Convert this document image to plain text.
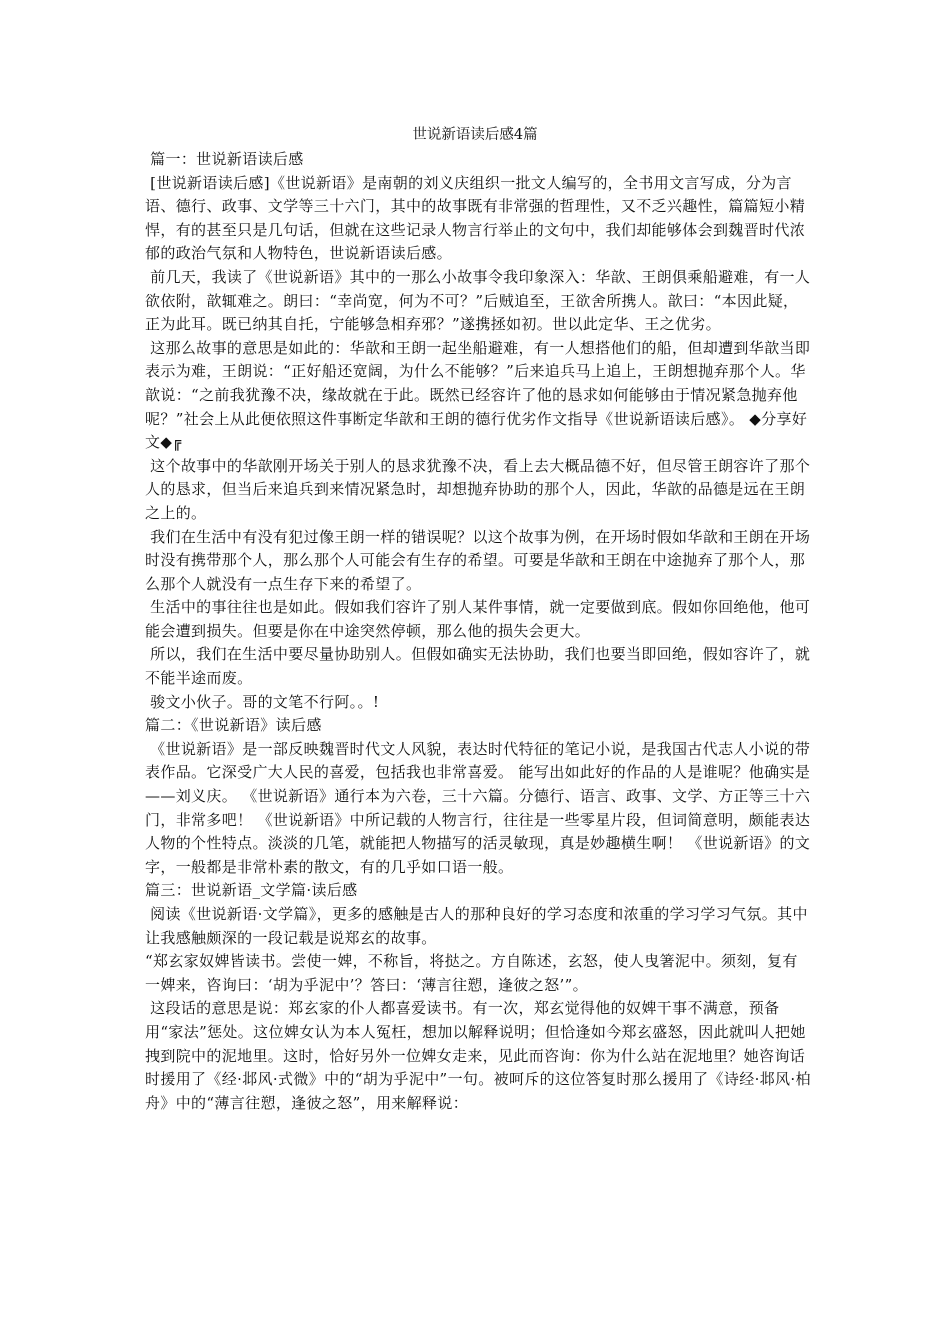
世说新语读后感4篇

篇一：世说新语读后感

[世说新语读后感]《世说新语》是南朝的刘义庆组织一批文人编写的，全书用文言写成，分为言语、德行、政事、文学等三十六门，其中的故事既有非常强的哲理性，又不乏兴趣性，篇篇短小精悍，有的甚至只是几句话，但就在这些记录人物言行举止的文句中，我们却能够体会到魏晋时代浓郁的政治气氛和人物特色，世说新语读后感。

前几天，我读了《世说新语》其中的一那么小故事令我印象深入：华歆、王朗俱乘船避难，有一人欲依附，歆辄难之。朗曰：“幸尚宽，何为不可？”后贼追至，王欲舍所携人。歆曰：“本因此疑，正为此耳。既已纳其自托，宁能够急相弃邪？”遂携拯如初。世以此定华、王之优劣。

这那么故事的意思是如此的：华歆和王朗一起坐船避难，有一人想搭他们的船，但却遭到华歆当即表示为难，王朗说：“正好船还宽阔，为什么不能够？”后来追兵马上追上，王朗想抛弃那个人。华歆说：“之前我犹豫不决，缘故就在于此。既然已经容许了他的恳求如何能够由于情况紧急抛弃他呢？”社会上从此便依照这件事断定华歆和王朗的德行优劣作文指导《世说新语读后感》。 ◆分享好文◆╔

这个故事中的华歆刚开场关于别人的恳求犹豫不决，看上去大概品德不好，但尽管王朗容许了那个人的恳求，但当后来追兵到来情况紧急时，却想抛弃协助的那个人，因此，华歆的品德是远在王朗之上的。

我们在生活中有没有犯过像王朗一样的错误呢？以这个故事为例，在开场时假如华歆和王朗在开场时没有携带那个人，那么那个人可能会有生存的希望。可要是华歆和王朗在中途抛弃了那个人，那么那个人就没有一点生存下来的希望了。

生活中的事往往也是如此。假如我们容许了别人某件事情，就一定要做到底。假如你回绝他，他可能会遭到损失。但要是你在中途突然停顿，那么他的损失会更大。

所以，我们在生活中要尽量协助别人。但假如确实无法协助，我们也要当即回绝，假如容许了，就不能半途而废。

骏文小伙子。哥的文笔不行阿。。!

篇二：《世说新语》读后感

《世说新语》是一部反映魏晋时代文人风貌，表达时代特征的笔记小说，是我国古代志人小说的带表作品。它深受广大人民的喜爱，包括我也非常喜爱。 能写出如此好的作品的人是谁呢？他确实是——刘义庆。 《世说新语》通行本为六卷，三十六篇。分德行、语言、政事、文学、方正等三十六门，非常多吧！ 《世说新语》中所记载的人物言行，往往是一些零星片段，但词简意明，颇能表达人物的个性特点。淡淡的几笔，就能把人物描写的活灵敏现，真是妙趣横生啊！ 《世说新语》的文字，一般都是非常朴素的散文，有的几乎如口语一般。

篇三：世说新语_文学篇·读后感

阅读《世说新语·文学篇》，更多的感触是古人的那种良好的学习态度和浓重的学习学习气氛。其中让我感触颇深的一段记载是说郑玄的故事。

“郑玄家奴婢皆读书。尝使一婢，不称旨，将挞之。方自陈述，玄怒，使人曳箸泥中。须刻，复有一婢来，咨询曰：‘胡为乎泥中’？答曰：‘薄言往愬，逢彼之怒’”。

这段话的意思是说：郑玄家的仆人都喜爱读书。有一次，郑玄觉得他的奴婢干事不满意，预备用“家法”惩处。这位婢女认为本人冤枉，想加以解释说明；但恰逢如今郑玄盛怒，因此就叫人把她拽到院中的泥地里。这时，恰好另外一位婢女走来，见此而咨询：你为什么站在泥地里？她咨询话时援用了《经·邶风·式微》中的“胡为乎泥中”一句。被呵斥的这位答复时那么援用了《诗经·邶风·柏舟》中的“薄言往愬，逢彼之怒”，用来解释说：
